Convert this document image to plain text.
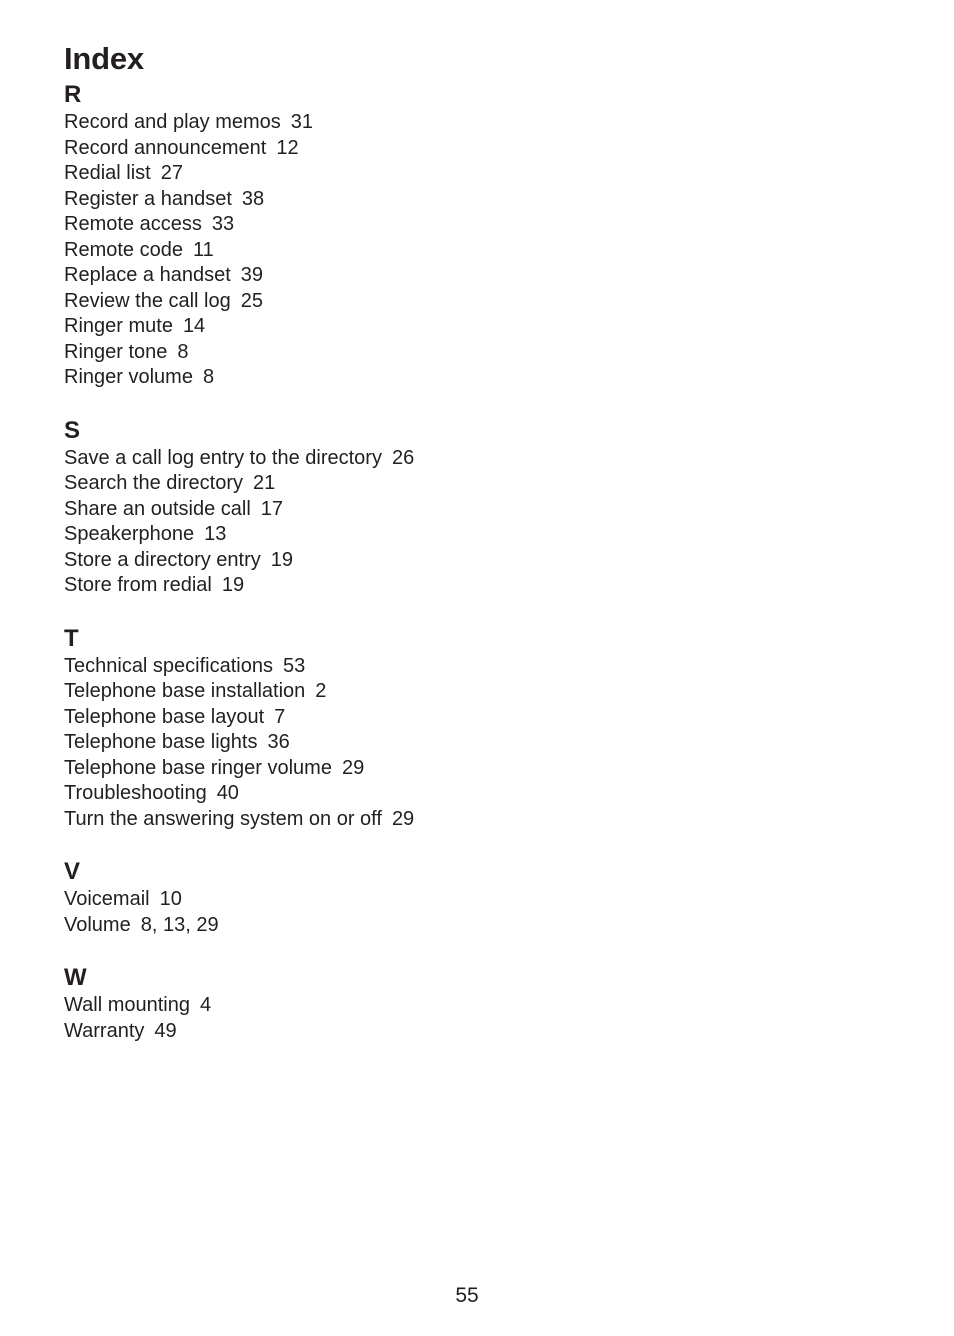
Index
R
Record and play memos 31
Record announcement 12
Redial list 27
Register a handset 38
Remote access 33
Remote code 11
Replace a handset 39
Review the call log 25
Ringer mute 14
Ringer tone 8
Ringer volume 8
S
Save a call log entry to the directory 26
Search the directory 21
Share an outside call 17
Speakerphone 13
Store a directory entry 19
Store from redial 19
T
Technical specifications 53
Telephone base installation 2
Telephone base layout 7
Telephone base lights 36
Telephone base ringer volume 29
Troubleshooting 40
Turn the answering system on or off 29
V
Voicemail 10
Volume 8, 13, 29
W
Wall mounting 4
Warranty 49
55
